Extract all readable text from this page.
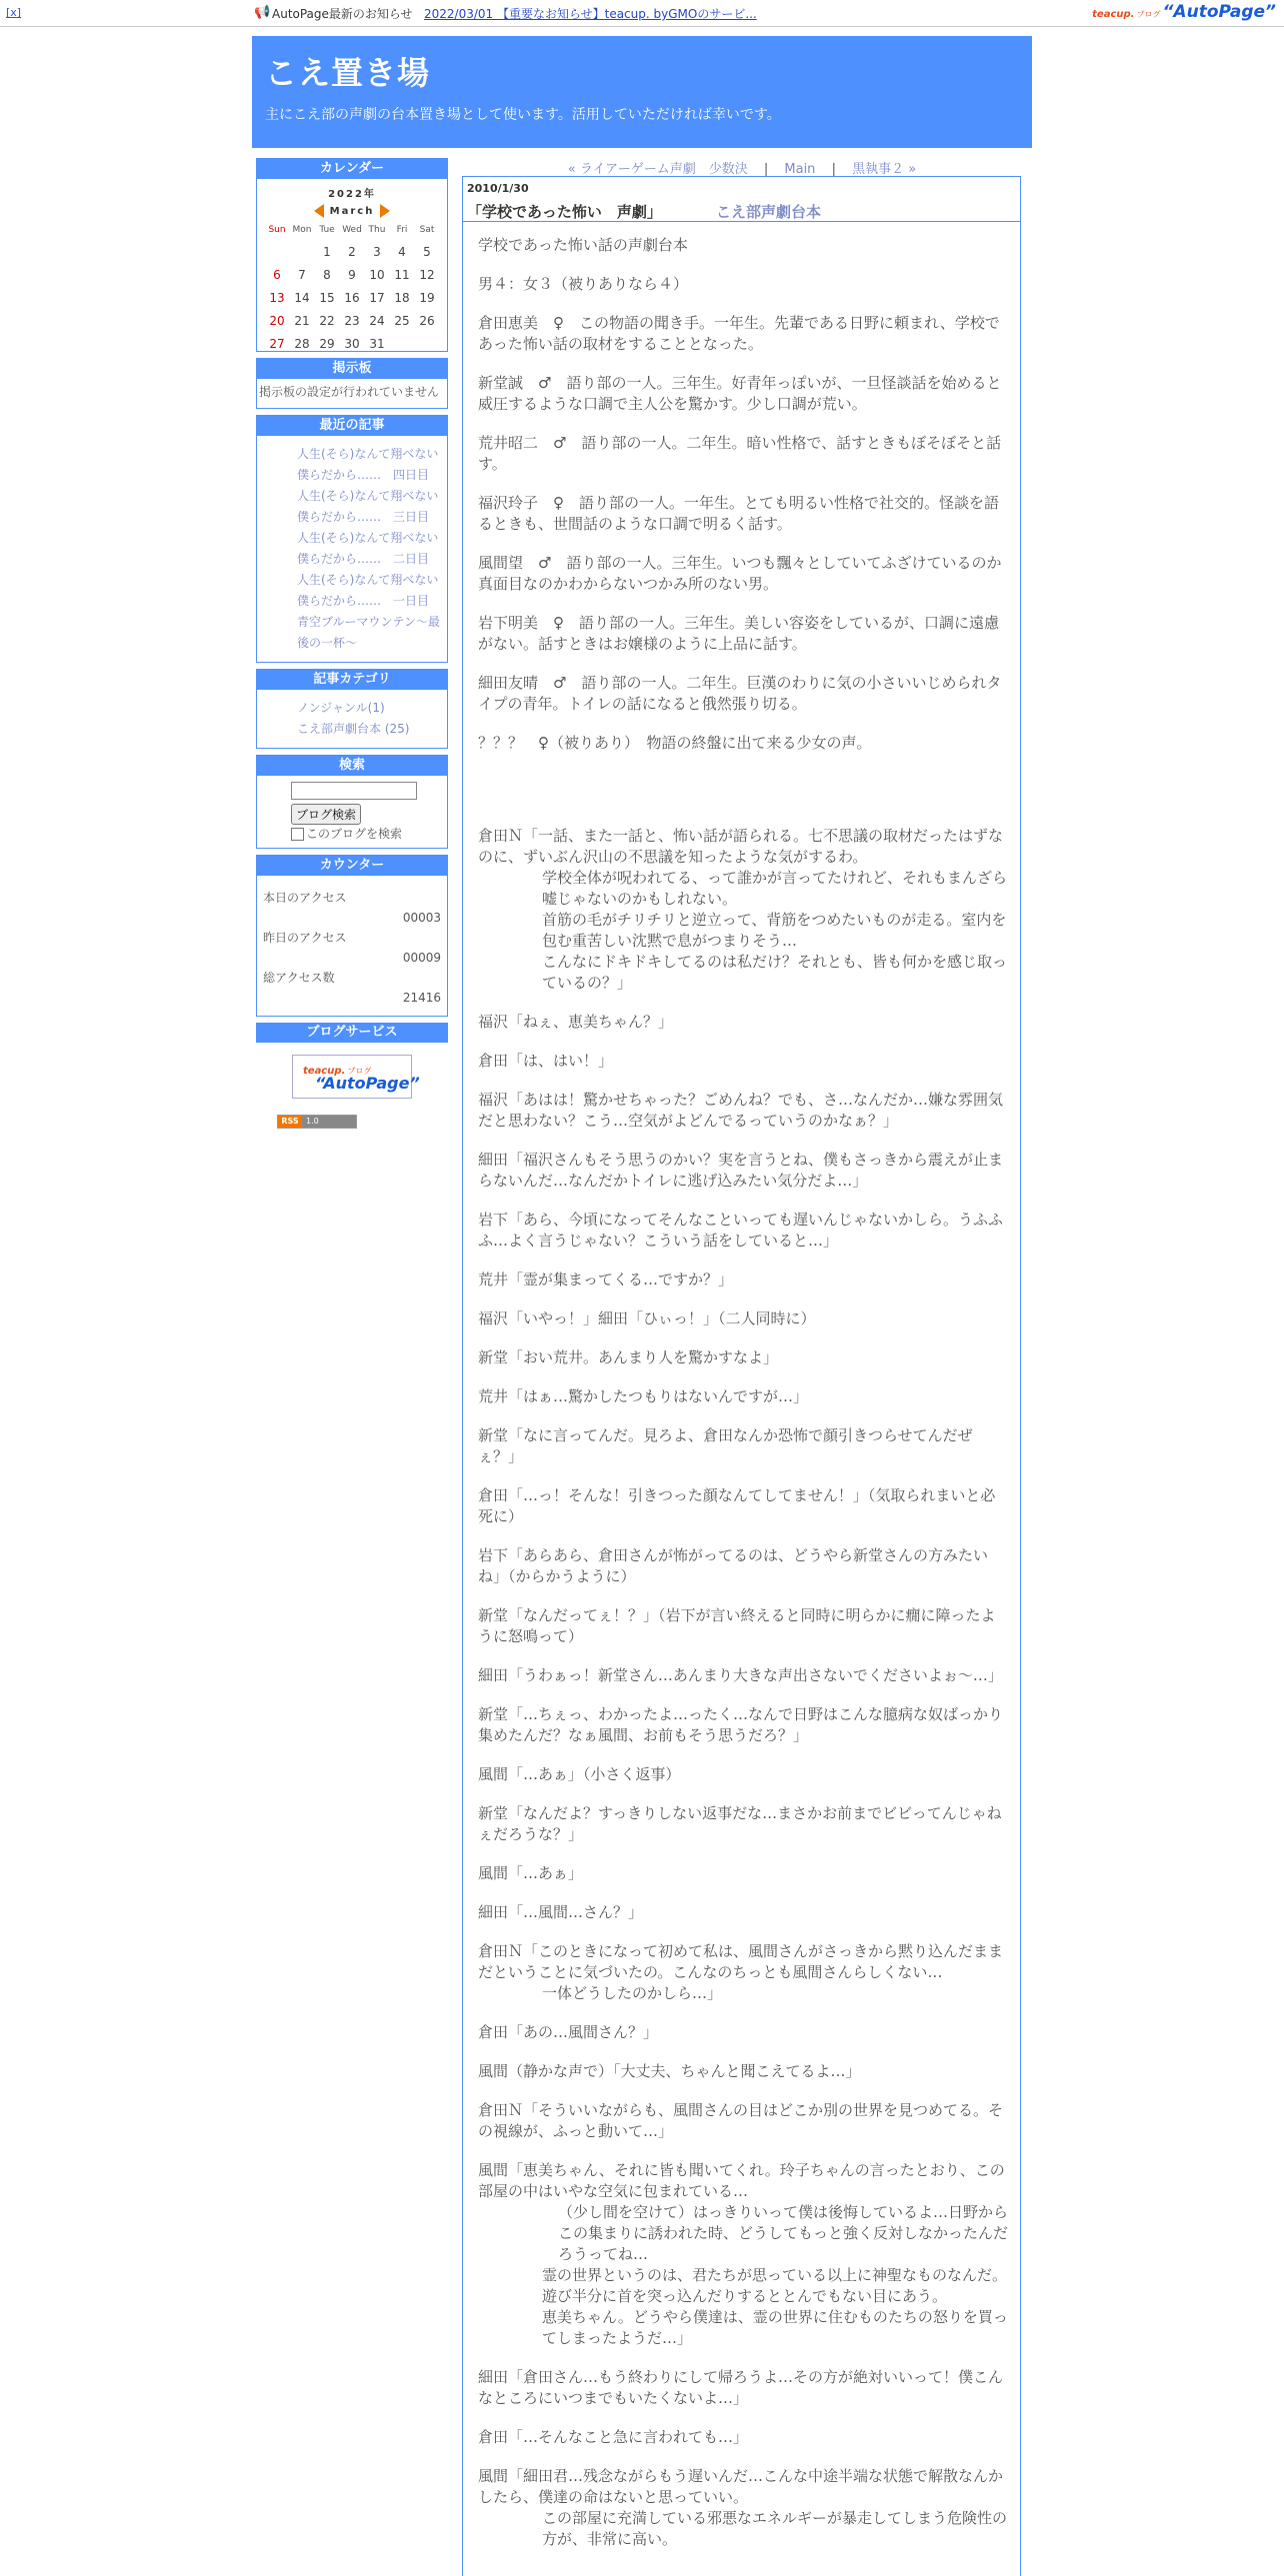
[x]	📢 AutoPage最新のお知らせ 2022/03/01 【重要なお知らせ】teacup. byGMOのサービ...	teacup. ブログ “AutoPage”
こえ置き場
主にこえ部の声劇の台本置き場として使います。活用していただければ幸いです。
カレンダー
2022年
March
Sun	Mon	Tue	Wed	Thu	Fri	Sat
		1	2	3	4	5
6	7	8	9	10	11	12
13	14	15	16	17	18	19
20	21	22	23	24	25	26
27	28	29	30	31		
掲示板
掲示板の設定が行われていません
最近の記事
人生(そら)なんて翔べない僕らだから……　四日目
人生(そら)なんて翔べない僕らだから……　三日目
人生(そら)なんて翔べない僕らだから……　二日目
人生(そら)なんて翔べない僕らだから……　一日目
青空ブルーマウンテン～最後の一杯～
記事カテゴリ
ノンジャンル(1)
こえ部声劇台本 (25)
検索
ブログ検索
このブログを検索
カウンター
本日のアクセス
00003
昨日のアクセス
00009
総アクセス数
21416
ブログサービス
teacup. ブログ
“AutoPage”
RSS 1.0
« ライアーゲーム声劇　少数決 | Main | 黒執事２ »
2010/1/30
「学校であった怖い　声劇」	こえ部声劇台本

学校であった怖い話の声劇台本

男４：女３（被りありなら４）

倉田恵美　♀　この物語の聞き手。一年生。先輩である日野に頼まれ、学校であった怖い話の取材をすることとなった。

新堂誠　♂　語り部の一人。三年生。好青年っぽいが、一旦怪談話を始めると威圧するような口調で主人公を驚かす。少し口調が荒い。

荒井昭二　♂　語り部の一人。二年生。暗い性格で、話すときもぼそぼそと話す。

福沢玲子　♀　語り部の一人。一年生。とても明るい性格で社交的。怪談を語るときも、世間話のような口調で明るく話す。

風間望　♂　語り部の一人。三年生。いつも飄々としていてふざけているのか真面目なのかわからないつかみ所のない男。

岩下明美　♀　語り部の一人。三年生。美しい容姿をしているが、口調に遠慮がない。話すときはお嬢様のように上品に話す。

細田友晴　♂　語り部の一人。二年生。巨漢のわりに気の小さいいじめられタイプの青年。トイレの話になると俄然張り切る。

？？？　♀（被りあり）　物語の終盤に出て来る少女の声。

倉田Ｎ「一話、また一話と、怖い話が語られる。七不思議の取材だったはずなのに、ずいぶん沢山の不思議を知ったような気がするわ。
学校全体が呪われてる、って誰かが言ってたけれど、それもまんざら嘘じゃないのかもしれない。
首筋の毛がチリチリと逆立って、背筋をつめたいものが走る。室内を包む重苦しい沈黙で息がつまりそう…
こんなにドキドキしてるのは私だけ？それとも、皆も何かを感じ取っているの？」

福沢「ねぇ、恵美ちゃん？」

倉田「は、はい！」

福沢「あはは！驚かせちゃった？ごめんね？でも、さ…なんだか…嫌な雰囲気だと思わない？こう…空気がよどんでるっていうのかなぁ？」

細田「福沢さんもそう思うのかい？実を言うとね、僕もさっきから震えが止まらないんだ…なんだかトイレに逃げ込みたい気分だよ…」

岩下「あら、今頃になってそんなこといっても遅いんじゃないかしら。うふふふ…よく言うじゃない？こういう話をしていると…」

荒井「霊が集まってくる…ですか？」

福沢「いやっ！」細田「ひぃっ！」（二人同時に）

新堂「おい荒井。あんまり人を驚かすなよ」

荒井「はぁ…驚かしたつもりはないんですが…」

新堂「なに言ってんだ。見ろよ、倉田なんか恐怖で顔引きつらせてんだぜぇ？」

倉田「…っ！そんな！引きつった顔なんてしてません！」（気取られまいと必死に）

岩下「あらあら、倉田さんが怖がってるのは、どうやら新堂さんの方みたいね」（からかうように）

新堂「なんだってぇ！？」（岩下が言い終えると同時に明らかに癇に障ったように怒鳴って）

細田「うわぁっ！新堂さん…あんまり大きな声出さないでくださいよぉ～…」

新堂「…ちぇっ、わかったよ…ったく…なんで日野はこんな臆病な奴ばっかり集めたんだ？なぁ風間、お前もそう思うだろ？」

風間「…あぁ」（小さく返事）

新堂「なんだよ？すっきりしない返事だな…まさかお前までビビってんじゃねぇだろうな？」

風間「…あぁ」

細田「…風間…さん？」

倉田Ｎ「このときになって初めて私は、風間さんがさっきから黙り込んだままだということに気づいたの。こんなのちっとも風間さんらしくない…
一体どうしたのかしら…」

倉田「あの…風間さん？」

風間（静かな声で）「大丈夫、ちゃんと聞こえてるよ…」

倉田Ｎ「そういいながらも、風間さんの目はどこか別の世界を見つめてる。その視線が、ふっと動いて…」

風間「恵美ちゃん、それに皆も聞いてくれ。玲子ちゃんの言ったとおり、この部屋の中はいやな空気に包まれている…
（少し間を空けて）はっきりいって僕は後悔しているよ…日野からこの集まりに誘われた時、どうしてもっと強く反対しなかったんだろうってね…
霊の世界というのは、君たちが思っている以上に神聖なものなんだ。遊び半分に首を突っ込んだりするととんでもない目にあう。
恵美ちゃん。どうやら僕達は、霊の世界に住むものたちの怒りを買ってしまったようだ…」

細田「倉田さん…もう終わりにして帰ろうよ…その方が絶対いいって！僕こんなところにいつまでもいたくないよ…」

倉田「…そんなこと急に言われても…」

風間「細田君…残念ながらもう遅いんだ…こんな中途半端な状態で解散なんかしたら、僕達の命はないと思っていい。
この部屋に充満している邪悪なエネルギーが暴走してしまう危険性の方が、非常に高い。
